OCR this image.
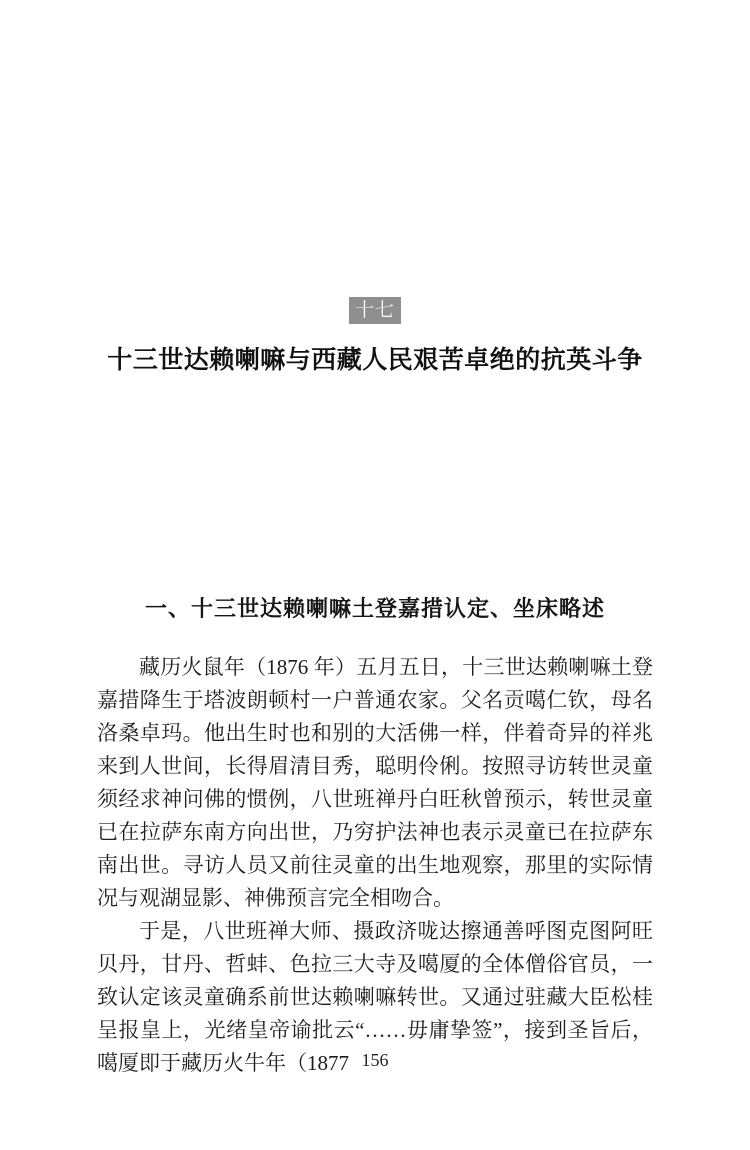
十七
十三世达赖喇嘛与西藏人民艰苦卓绝的抗英斗争
一、十三世达赖喇嘛土登嘉措认定、坐床略述

藏历火鼠年（1876 年）五月五日，十三世达赖喇嘛土登嘉措降生于塔波朗顿村一户普通农家。父名贡噶仁钦，母名洛桑卓玛。他出生时也和别的大活佛一样，伴着奇异的祥兆来到人世间，长得眉清目秀，聪明伶俐。按照寻访转世灵童须经求神问佛的惯例，八世班禅丹白旺秋曾预示，转世灵童已在拉萨东南方向出世，乃穷护法神也表示灵童已在拉萨东南出世。寻访人员又前往灵童的出生地观察，那里的实际情况与观湖显影、神佛预言完全相吻合。

于是，八世班禅大师、摄政济咙达擦通善呼图克图阿旺贝丹，甘丹、哲蚌、色拉三大寺及噶厦的全体僧俗官员，一致认定该灵童确系前世达赖喇嘛转世。又通过驻藏大臣松桂呈报皇上，光绪皇帝谕批云“……毋庸挚签”，接到圣旨后，噶厦即于藏历火牛年（1877 156
